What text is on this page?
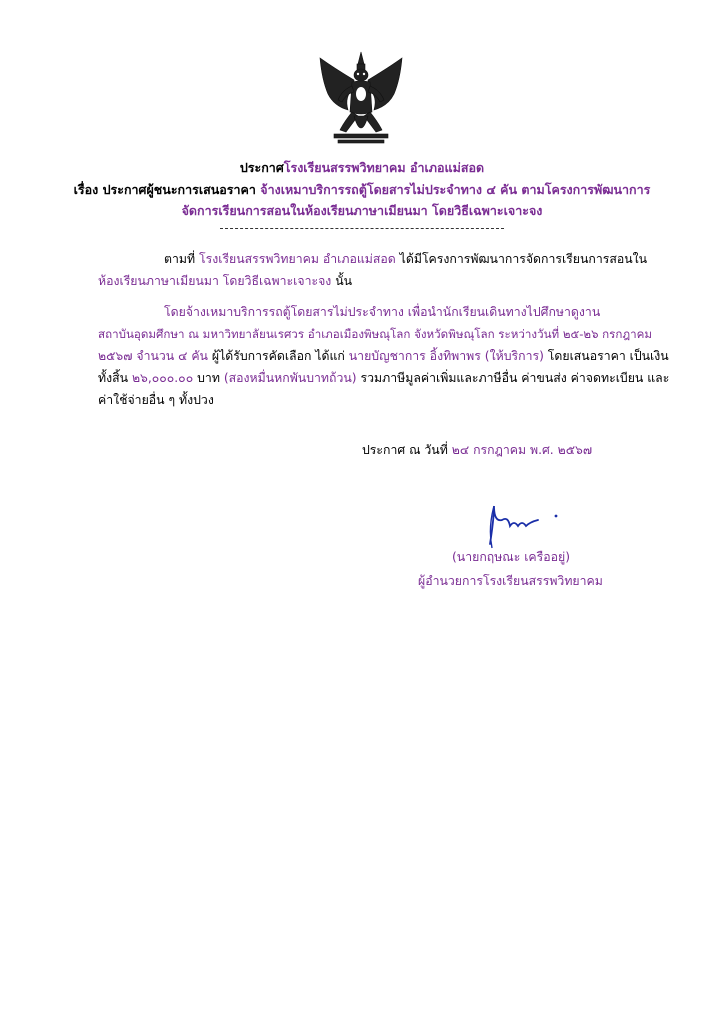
ประกาศโรงเรียนสรรพวิทยาคม อำเภอแม่สอด
เรื่อง ประกาศผู้ชนะการเสนอราคา จ้างเหมาบริการรถตู้โดยสารไม่ประจำทาง ๔ คัน ตามโครงการพัฒนาการ
จัดการเรียนการสอนในห้องเรียนภาษาเมียนมา โดยวิธีเฉพาะเจาะจง
ตามที่ โรงเรียนสรรพวิทยาคม อำเภอแม่สอด ได้มีโครงการพัฒนาการจัดการเรียนการสอนใน
ห้องเรียนภาษาเมียนมา โดยวิธีเฉพาะเจาะจง นั้น
โดยจ้างเหมาบริการรถตู้โดยสารไม่ประจำทาง เพื่อนำนักเรียนเดินทางไปศึกษาดูงาน
สถาบันอุดมศึกษา ณ มหาวิทยาลัยนเรศวร อำเภอเมืองพิษณุโลก จังหวัดพิษณุโลก ระหว่างวันที่ ๒๕-๒๖ กรกฎาคม
๒๕๖๗ จำนวน ๔ คัน ผู้ได้รับการคัดเลือก ได้แก่ นายบัญชาการ อิ้งทิพาพร (ให้บริการ) โดยเสนอราคา เป็นเงิน
ทั้งสิ้น ๒๖,๐๐๐.๐๐ บาท (สองหมื่นหกพันบาทถ้วน) รวมภาษีมูลค่าเพิ่มและภาษีอื่น ค่าขนส่ง ค่าจดทะเบียน และ
ค่าใช้จ่ายอื่น ๆ ทั้งปวง
ประกาศ ณ วันที่ ๒๔ กรกฎาคม พ.ศ. ๒๕๖๗
(นายกฤษณะ เครืออยู่)
ผู้อำนวยการโรงเรียนสรรพวิทยาคม
